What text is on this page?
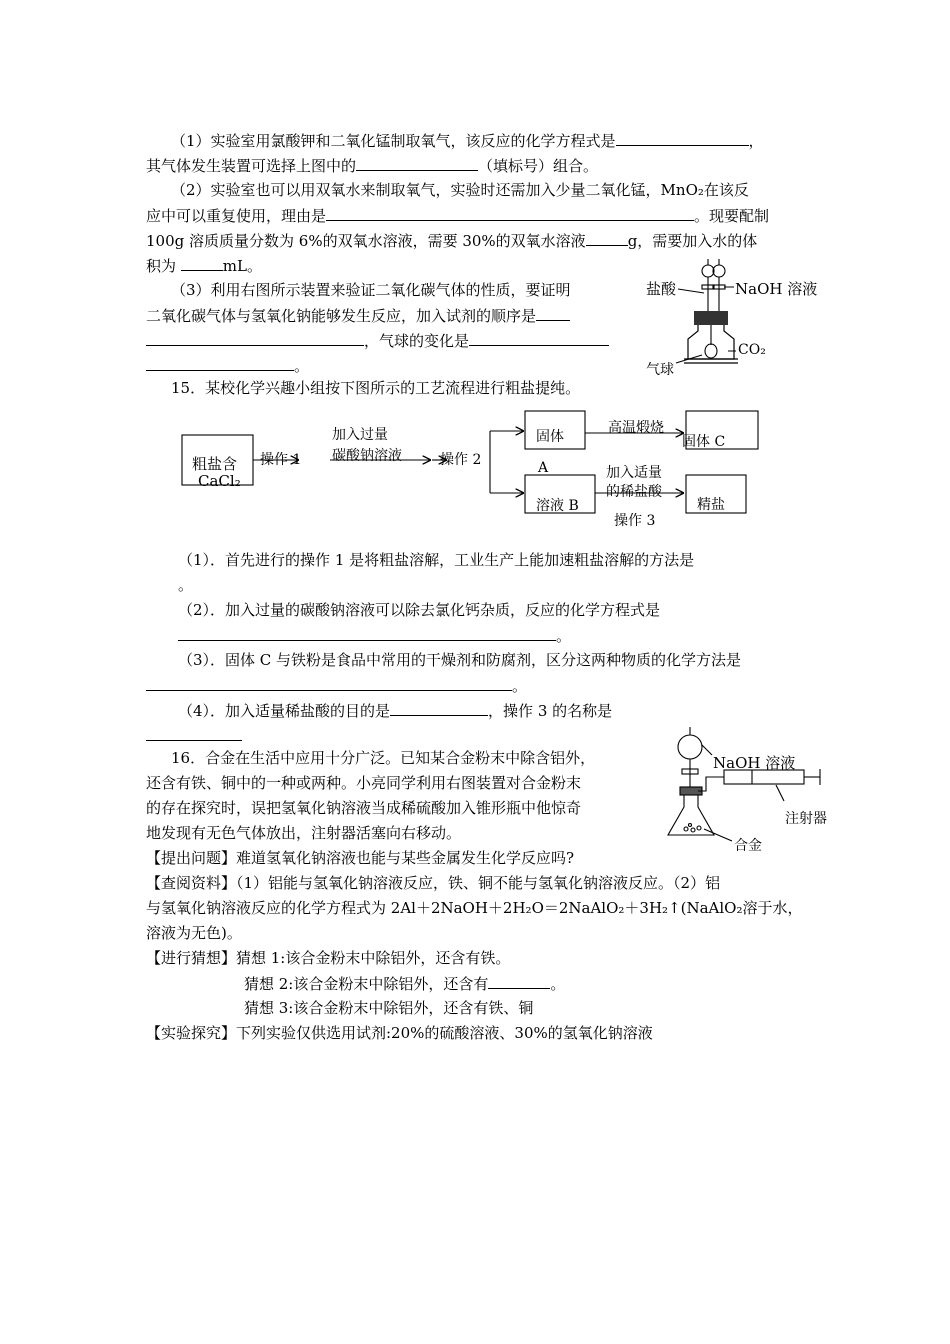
（1）实验室用氯酸钾和二氧化锰制取氧气，该反应的化学方程式是	，
其气体发生装置可选择上图中的	（填标号）组合。
（2）实验室也可以用双氧水来制取氧气，实验时还需加入少量二氧化锰，MnO₂在该反
应中可以重复使用，理由是	。现要配制
100g 溶质质量分数为 6%的双氧水溶液，需要 30%的双氧水溶液	g，需要加入水的体
积为	mL。
（3）利用右图所示装置来验证二氧化碳气体的性质，要证明
二氧化碳气体与氢氧化钠能够发生反应，加入试剂的顺序是
，气球的变化是
。
盐酸	NaOH 溶液
CO₂
气球
15．某校化学兴趣小组按下图所示的工艺流程进行粗盐提纯。
粗盐含
CaCl₂
操作 1
加入过量
碳酸钠溶液	操作 2
固体
A
高温煅烧
固体 C
溶液 B
加入适量
的稀盐酸
操作 3
精盐
（1）．首先进行的操作 1 是将粗盐溶解，工业生产上能加速粗盐溶解的方法是
。
（2）．加入过量的碳酸钠溶液可以除去氯化钙杂质，反应的化学方程式是
。
（3）．固体 C 与铁粉是食品中常用的干燥剂和防腐剂，区分这两种物质的化学方法是
。
（4）．加入适量稀盐酸的目的是	，操作 3 的名称是
16．合金在生活中应用十分广泛。已知某合金粉末中除含铝外，
还含有铁、铜中的一种或两种。小亮同学利用右图装置对合金粉末
的存在探究时，误把氢氧化钠溶液当成稀硫酸加入锥形瓶中他惊奇
地发现有无色气体放出，注射器活塞向右移动。
NaOH 溶液
注射器
合金
【提出问题】难道氢氧化钠溶液也能与某些金属发生化学反应吗?
【查阅资料】（1）铝能与氢氧化钠溶液反应，铁、铜不能与氢氧化钠溶液反应。（2）铝
与氢氧化钠溶液反应的化学方程式为 2Al＋2NaOH＋2H₂O＝2NaAlO₂＋3H₂↑(NaAlO₂溶于水，
溶液为无色)。
【进行猜想】猜想 1:该合金粉末中除铝外，还含有铁。
猜想 2:该合金粉末中除铝外，还含有	。
猜想 3:该合金粉末中除铝外，还含有铁、铜
【实验探究】下列实验仅供选用试剂:20%的硫酸溶液、30%的氢氧化钠溶液
